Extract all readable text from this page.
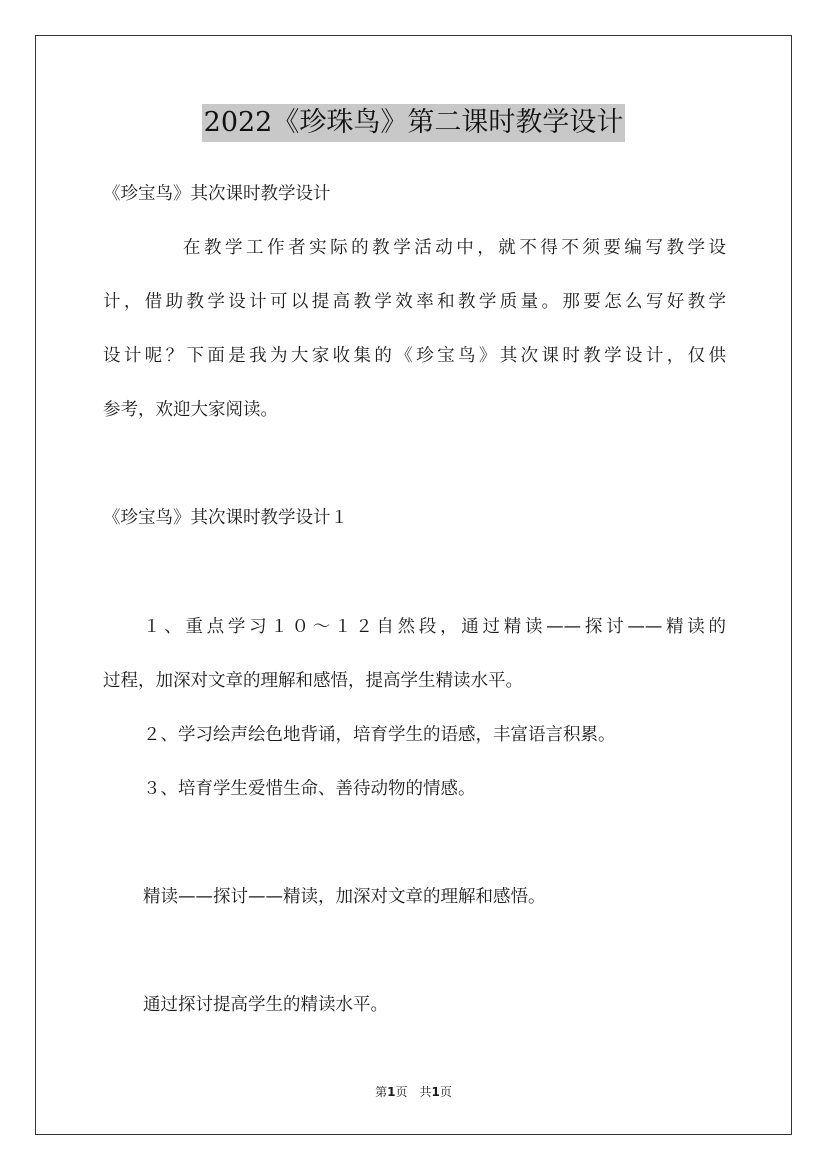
2022《珍珠鸟》第二课时教学设计
《珍宝鸟》其次课时教学设计
在教学工作者实际的教学活动中，就不得不须要编写教学设
计，借助教学设计可以提高教学效率和教学质量。那要怎么写好教学
设计呢？下面是我为大家收集的《珍宝鸟》其次课时教学设计，仅供
参考，欢迎大家阅读。
《珍宝鸟》其次课时教学设计１
１、重点学习１０～１２自然段，通过精读——探讨——精读的
过程，加深对文章的理解和感悟，提高学生精读水平。
２、学习绘声绘色地背诵，培育学生的语感，丰富语言积累。
３、培育学生爱惜生命、善待动物的情感。
精读——探讨——精读，加深对文章的理解和感悟。
通过探讨提高学生的精读水平。
第1页　共1页
